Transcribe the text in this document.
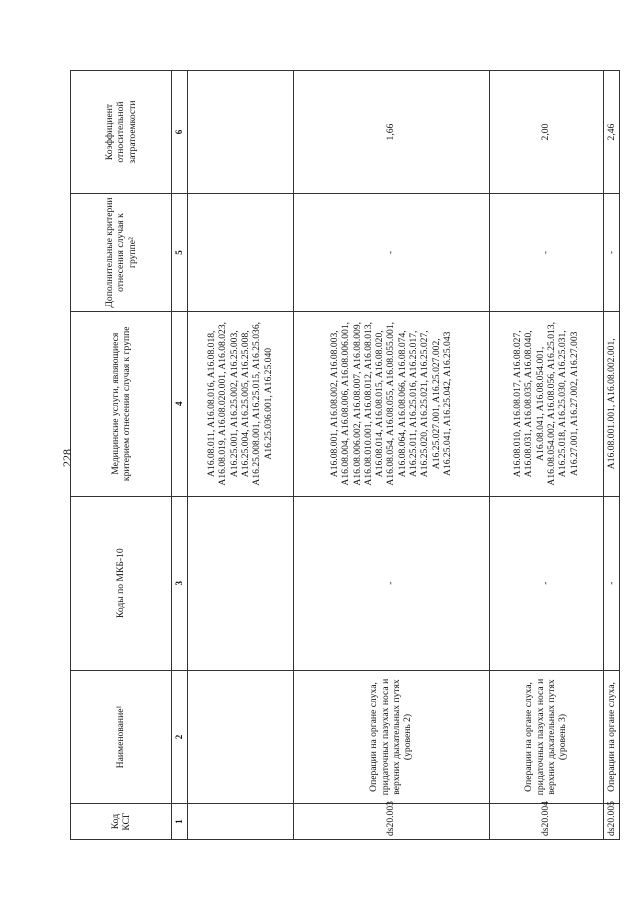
228
Код КСГ	Наименование¹	Коды по МКБ-10	Медицинские услуги, являющиеся критерием отнесения случая к группе	Дополнительные критерии отнесения случая к группе²	Коэффициент относительной затратоемкости
1	2	3	4	5	6
			A16.08.011, A16.08.016, A16.08.018, A16.08.019, A16.08.020.001, A16.08.023, A16.25.001, A16.25.002, A16.25.003, A16.25.004, A16.25.005, A16.25.008, A16.25.008.001, A16.25.015, A16.25.036, A16.25.036.001, A16.25.040		
ds20.003	Операции на органе слуха, придаточных пазухах носа и верхних дыхательных путях (уровень 2)	-	A16.08.001, A16.08.002, A16.08.003, A16.08.004, A16.08.006, A16.08.006.001, A16.08.006.002, A16.08.007, A16.08.009, A16.08.010.001, A16.08.012, A16.08.013, A16.08.014, A16.08.015, A16.08.020, A16.08.054, A16.08.055, A16.08.055.001, A16.08.064, A16.08.066, A16.08.074, A16.25.011, A16.25.016, A16.25.017, A16.25.020, A16.25.021, A16.25.027, A16.25.027.001, A16.25.027.002, A16.25.041, A16.25.042, A16.25.043	-	1,66
ds20.004	Операции на органе слуха, придаточных пазухах носа и верхних дыхательных путях (уровень 3)	-	A16.08.010, A16.08.017, A16.08.027, A16.08.031, A16.08.035, A16.08.040, A16.08.041, A16.08.054.001, A16.08.054.002, A16.08.056, A16.25.013, A16.25.018, A16.25.030, A16.25.031, A16.27.001, A16.27.002, A16.27.003	-	2,00
ds20.005	Операции на органе слуха,	-	A16.08.001.001, A16.08.002.001,	-	2,46
